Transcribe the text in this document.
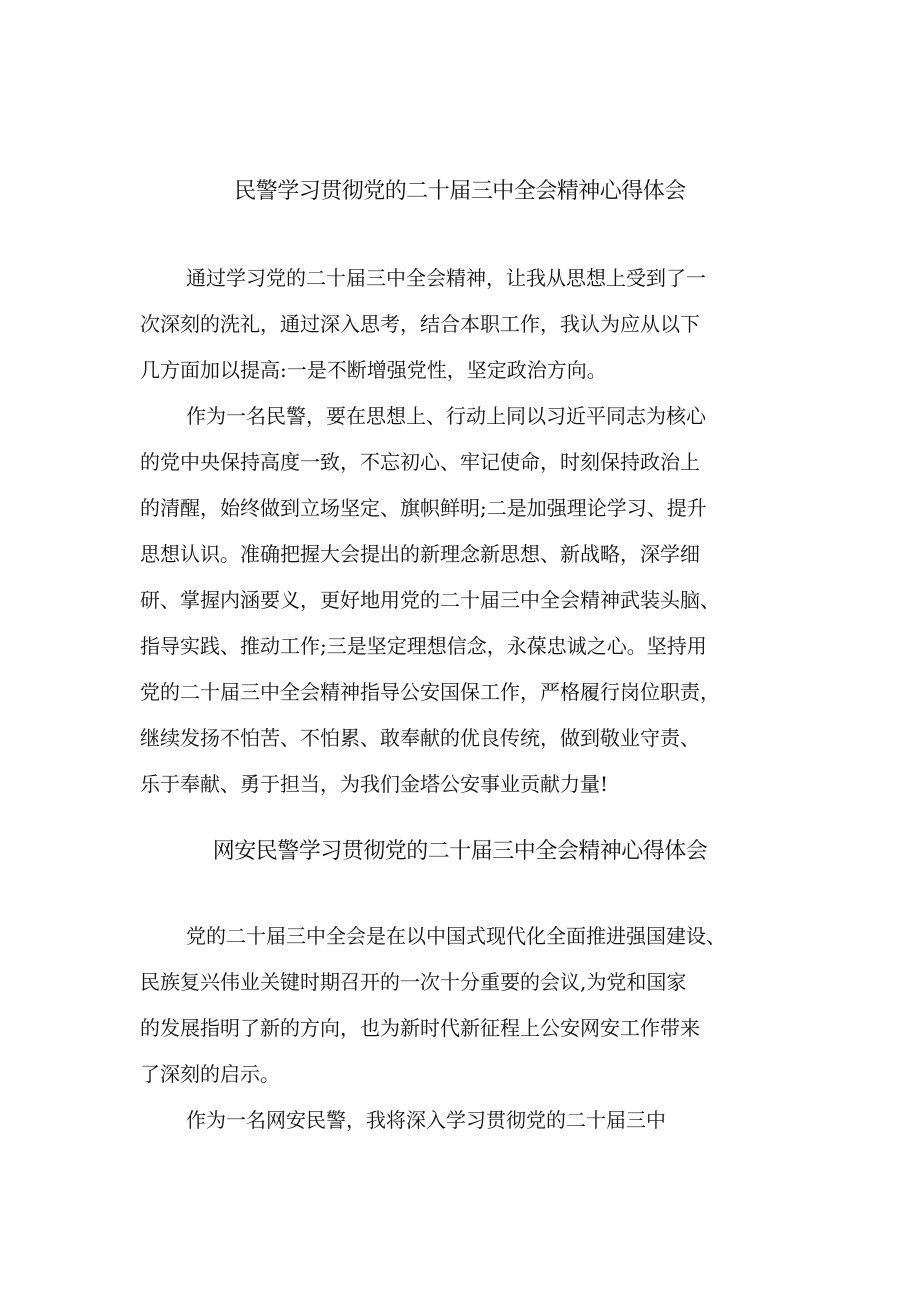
民警学习贯彻党的二十届三中全会精神心得体会
通过学习党的二十届三中全会精神，让我从思想上受到了一
次深刻的洗礼，通过深入思考，结合本职工作，我认为应从以下
几方面加以提高:一是不断增强党性，坚定政治方向。
作为一名民警，要在思想上、行动上同以习近平同志为核心
的党中央保持高度一致，不忘初心、牢记使命，时刻保持政治上
的清醒，始终做到立场坚定、旗帜鲜明;二是加强理论学习、提升
思想认识。准确把握大会提出的新理念新思想、新战略，深学细
研、掌握内涵要义，更好地用党的二十届三中全会精神武装头脑、
指导实践、推动工作;三是坚定理想信念，永葆忠诚之心。坚持用
党的二十届三中全会精神指导公安国保工作，严格履行岗位职责，
继续发扬不怕苦、不怕累、敢奉献的优良传统，做到敬业守责、
乐于奉献、勇于担当，为我们金塔公安事业贡献力量!
网安民警学习贯彻党的二十届三中全会精神心得体会
党的二十届三中全会是在以中国式现代化全面推进强国建设、
民族复兴伟业关键时期召开的一次十分重要的会议,为党和国家
的发展指明了新的方向，也为新时代新征程上公安网安工作带来
了深刻的启示。
作为一名网安民警，我将深入学习贯彻党的二十届三中
